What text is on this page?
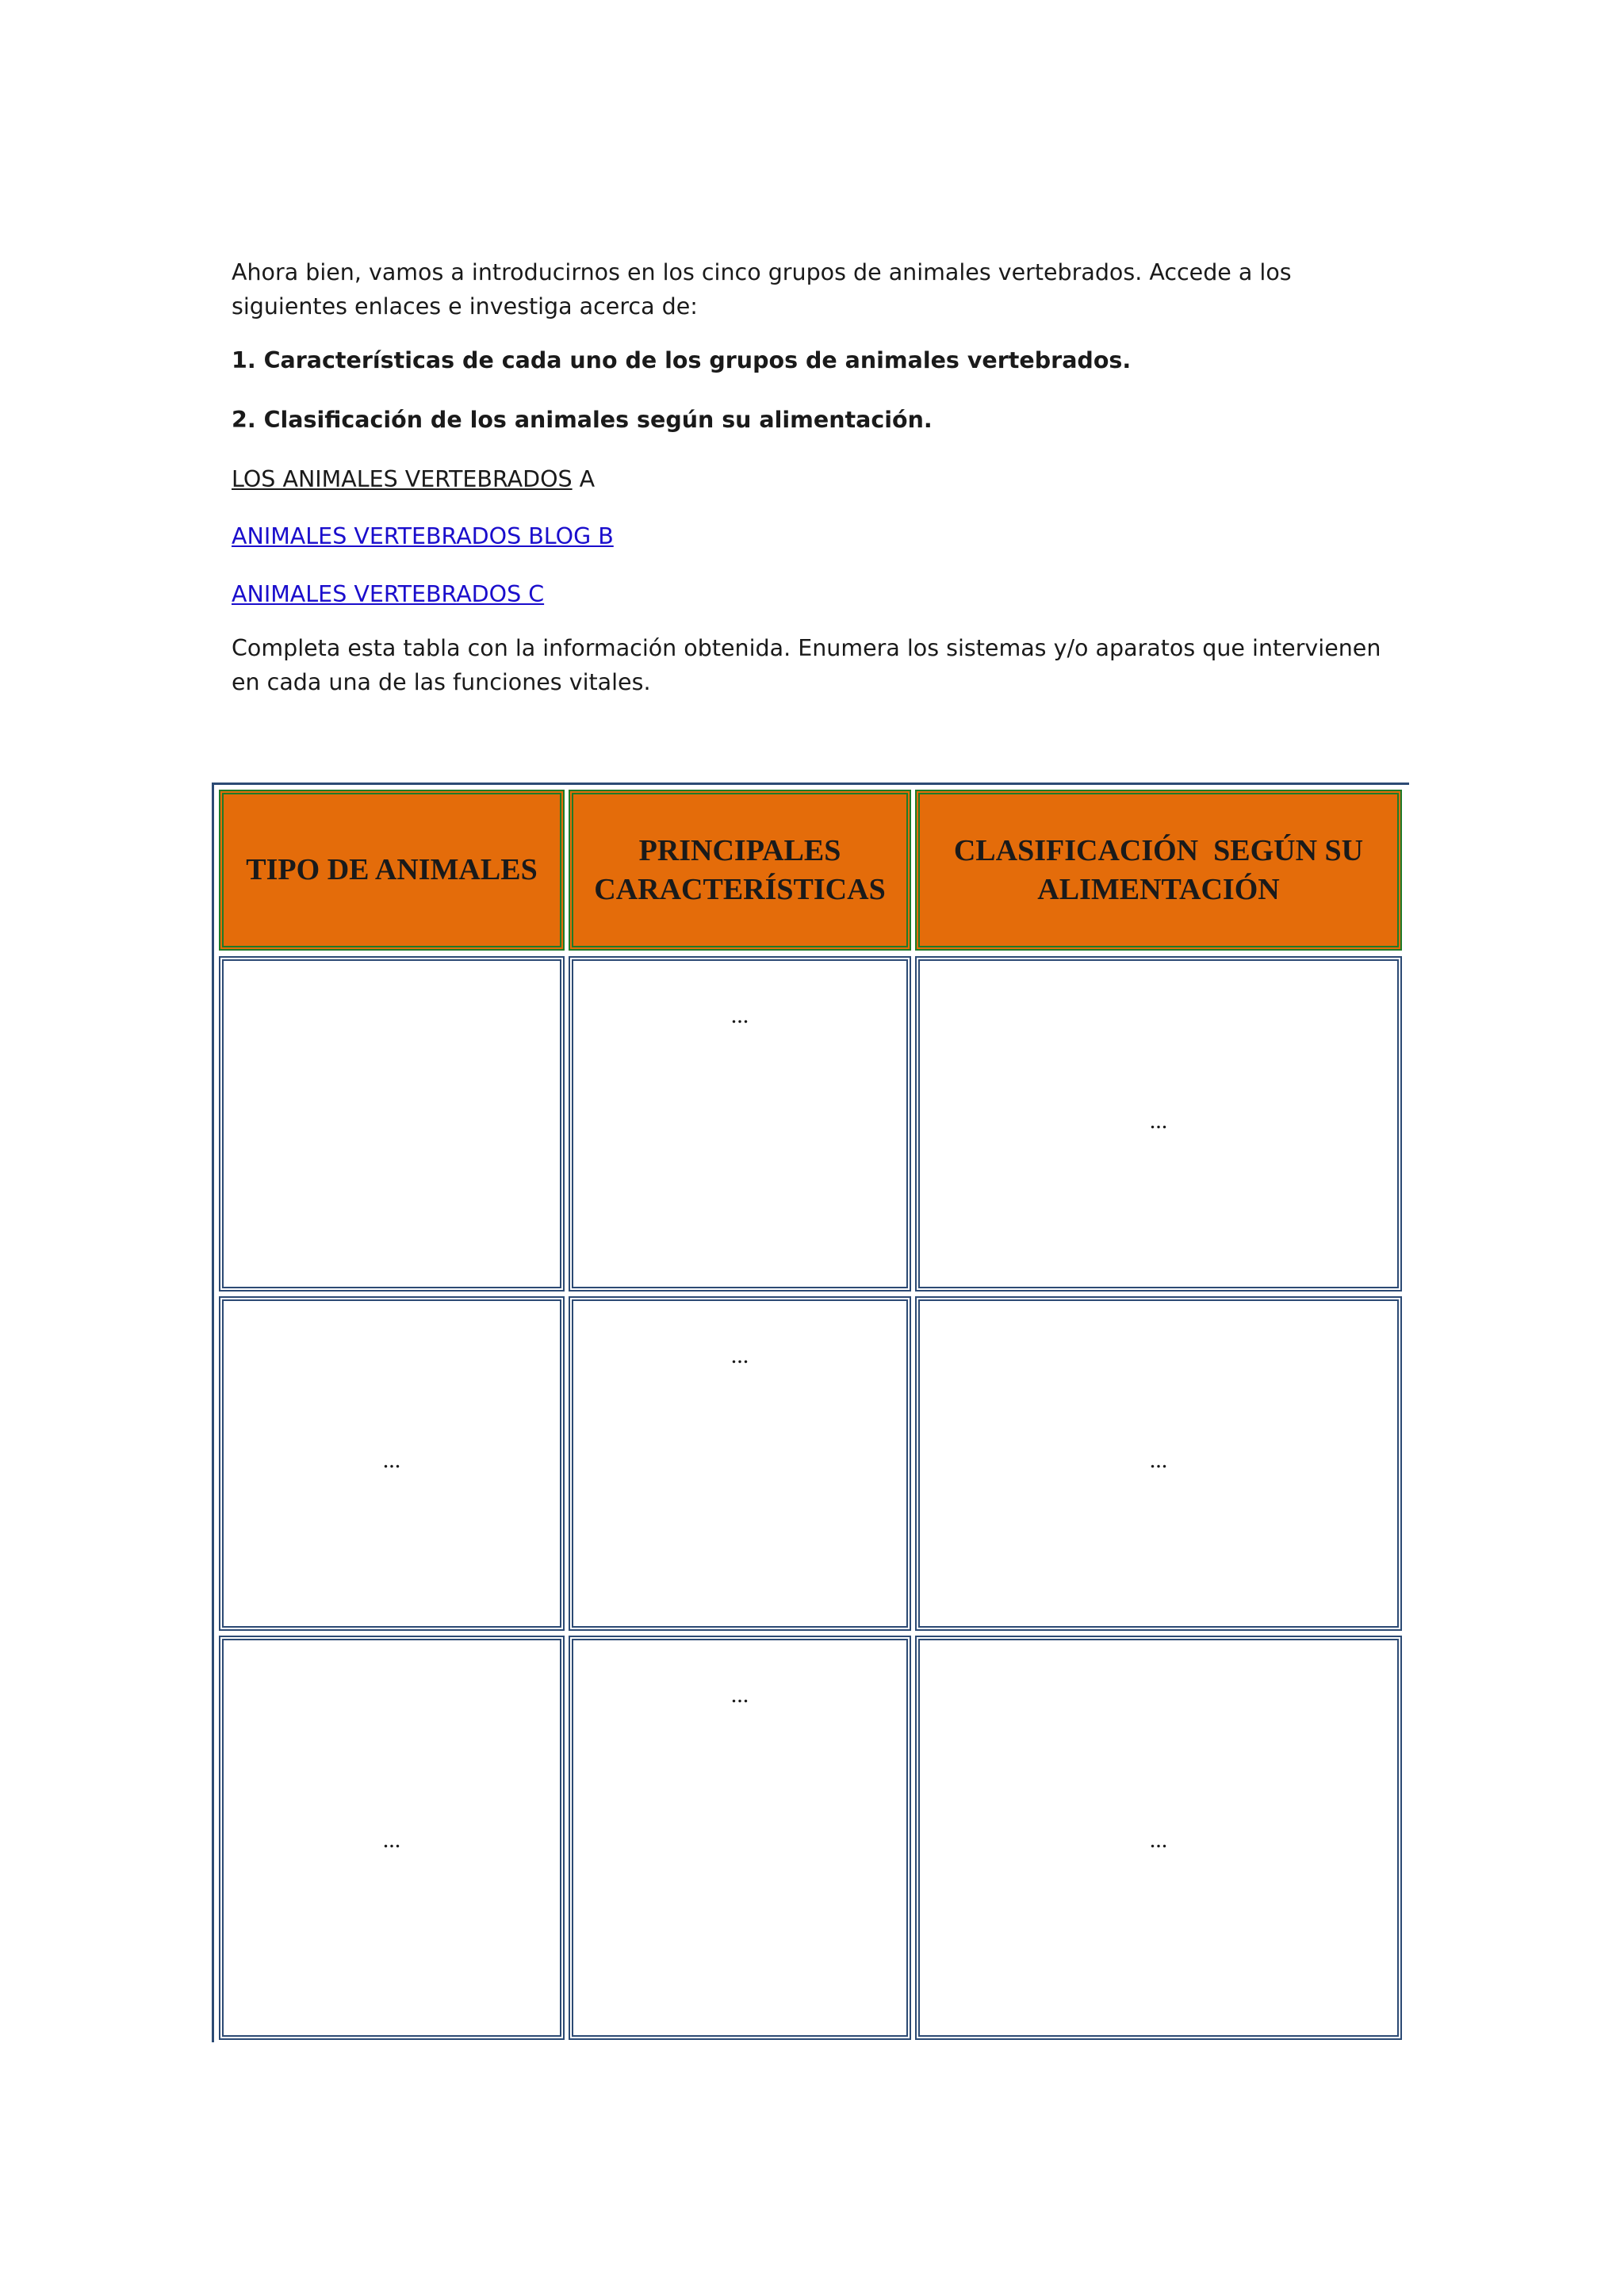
Ahora bien, vamos a introducirnos en los cinco grupos de animales vertebrados. Accede a los siguientes enlaces e investiga acerca de:

1. Características de cada uno de los grupos de animales vertebrados.

2. Clasificación de los animales según su alimentación.

LOS ANIMALES VERTEBRADOS A

ANIMALES VERTEBRADOS BLOG B

ANIMALES VERTEBRADOS C

Completa esta tabla con la información obtenida. Enumera los sistemas y/o aparatos que intervienen en cada una de las funciones vitales.

TIPO DE ANIMALES
PRINCIPALES CARACTERÍSTICAS
CLASIFICACIÓN  SEGÚN SU ALIMENTACIÓN
...
...
...
...
...
...
...
...
